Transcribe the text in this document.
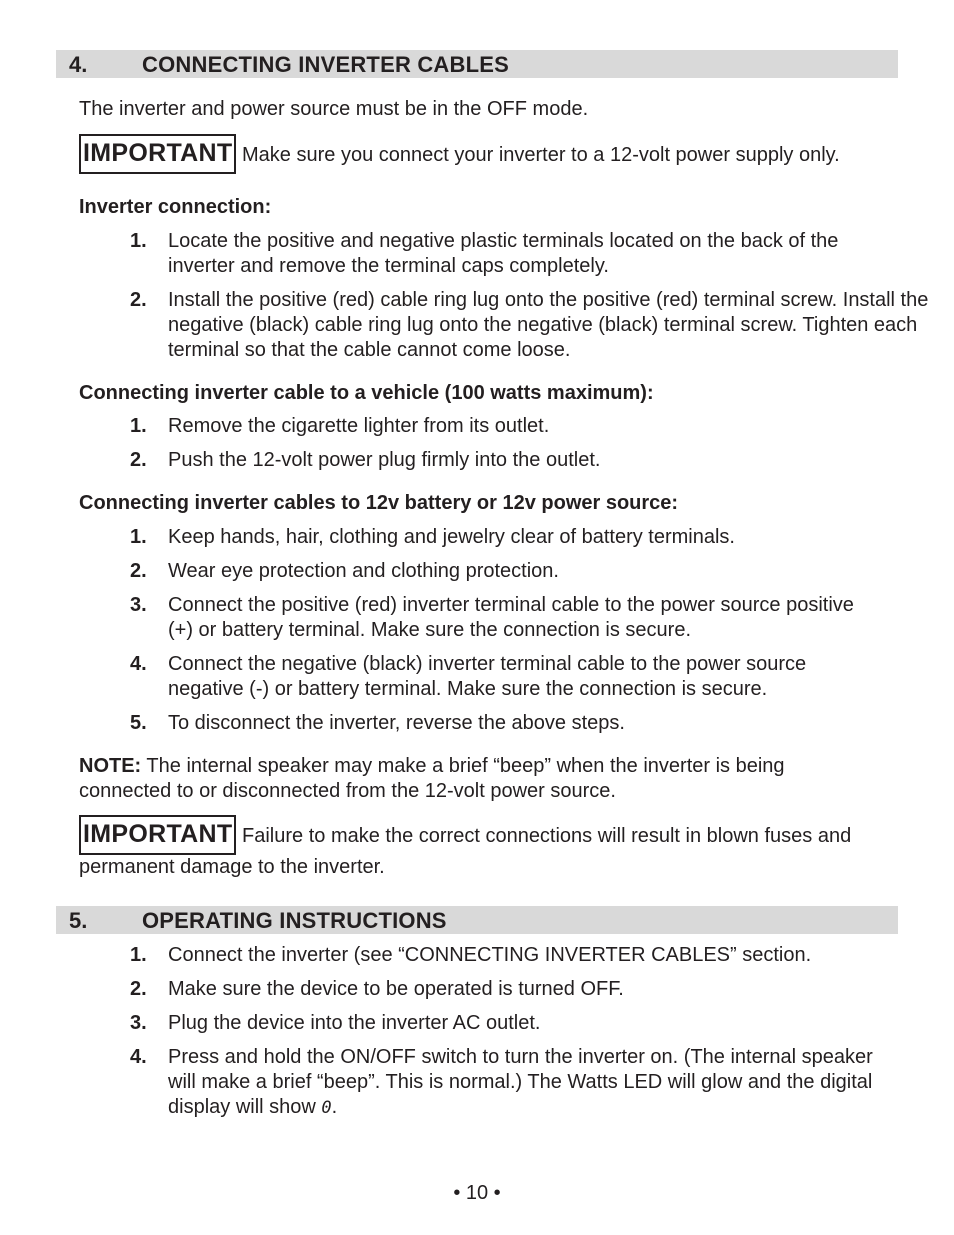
4. CONNECTING INVERTER CABLES
The inverter and power source must be in the OFF mode.
IMPORTANT Make sure you connect your inverter to a 12-volt power supply only.
Inverter connection:
1. Locate the positive and negative plastic terminals located on the back of the inverter and remove the terminal caps completely.
2. Install the positive (red) cable ring lug onto the positive (red) terminal screw. Install the negative (black) cable ring lug onto the negative (black) terminal screw. Tighten each terminal so that the cable cannot come loose.
Connecting inverter cable to a vehicle (100 watts maximum):
1. Remove the cigarette lighter from its outlet.
2. Push the 12-volt power plug firmly into the outlet.
Connecting inverter cables to 12v battery or 12v power source:
1. Keep hands, hair, clothing and jewelry clear of battery terminals.
2. Wear eye protection and clothing protection.
3. Connect the positive (red) inverter terminal cable to the power source positive (+) or battery terminal. Make sure the connection is secure.
4. Connect the negative (black) inverter terminal cable to the power source negative (-) or battery terminal. Make sure the connection is secure.
5. To disconnect the inverter, reverse the above steps.
NOTE: The internal speaker may make a brief “beep” when the inverter is being connected to or disconnected from the 12-volt power source.
IMPORTANT Failure to make the correct connections will result in blown fuses and permanent damage to the inverter.
5. OPERATING INSTRUCTIONS
1. Connect the inverter (see “CONNECTING INVERTER CABLES” section.
2. Make sure the device to be operated is turned OFF.
3. Plug the device into the inverter AC outlet.
4. Press and hold the ON/OFF switch to turn the inverter on. (The internal speaker will make a brief “beep”. This is normal.) The Watts LED will glow and the digital display will show 0.
• 10 •
